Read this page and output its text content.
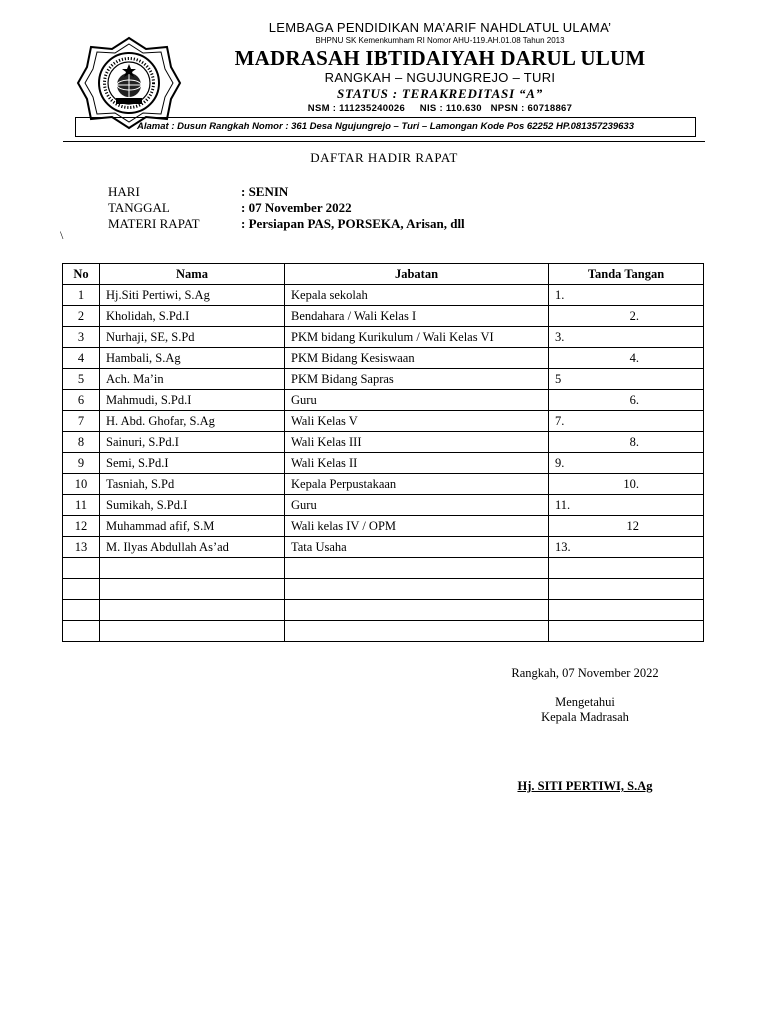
LEMBAGA PENDIDIKAN MA’ARIF NAHDLATUL ULAMA’
BHPNU SK Kemenkumham RI Nomor AHU-119.AH.01.08 Tahun 2013
MADRASAH IBTIDAIYAH DARUL ULUM
RANGKAH – NGUJUNGREJO – TURI
STATUS : TERAKREDITASI “A”
NSM : 111235240026     NIS : 110.630   NPSN : 60718867
Alamat : Dusun Rangkah Nomor : 361 Desa Ngujungrejo – Turi – Lamongan Kode Pos 62252 HP.081357239633
DAFTAR HADIR RAPAT
HARI	: SENIN
TANGGAL	: 07 November 2022
MATERI RAPAT	: Persiapan PAS, PORSEKA, Arisan, dll
\
No	Nama	Jabatan	Tanda Tangan
1	Hj.Siti Pertiwi, S.Ag	Kepala sekolah	1.
2	Kholidah, S.Pd.I	Bendahara / Wali Kelas I	2.
3	Nurhaji, SE, S.Pd	PKM bidang Kurikulum / Wali Kelas VI	3.
4	Hambali, S.Ag	PKM Bidang Kesiswaan	4.
5	Ach. Ma’in	PKM Bidang Sapras	5
6	Mahmudi, S.Pd.I	Guru	6.
7	H. Abd. Ghofar, S.Ag	Wali Kelas V	7.
8	Sainuri, S.Pd.I	Wali Kelas III	8.
9	Semi, S.Pd.I	Wali Kelas II	9.
10	Tasniah, S.Pd	Kepala Perpustakaan	10.
11	Sumikah, S.Pd.I	Guru	11.
12	Muhammad afif, S.M	Wali kelas IV / OPM	12
13	M. Ilyas Abdullah As’ad	Tata Usaha	13.

Rangkah, 07 November 2022
Mengetahui
Kepala Madrasah
Hj. SITI PERTIWI, S.Ag
